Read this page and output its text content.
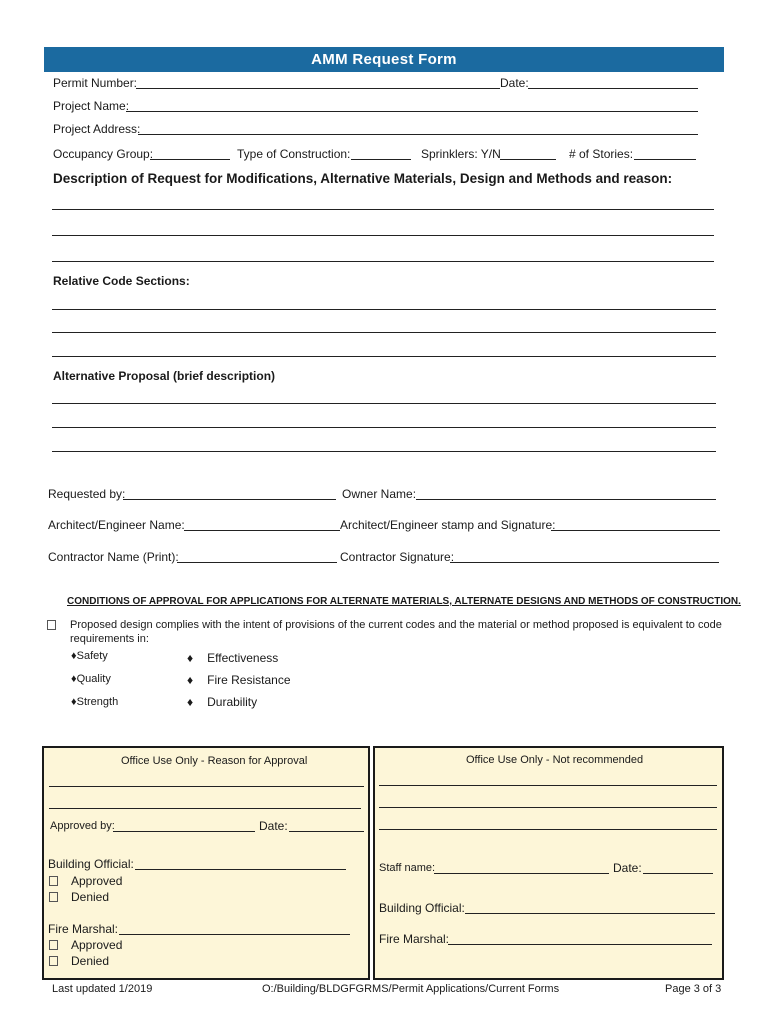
AMM Request Form
Permit Number:	Date:
Project Name:
Project Address:
Occupancy Group:	Type of Construction:	Sprinklers: Y/N	# of Stories:
Description of Request for Modifications, Alternative Materials, Design and Methods and reason:
Relative Code Sections:
Alternative Proposal (brief description)
Requested by:	Owner Name:
Architect/Engineer Name:	Architect/Engineer stamp and Signature:
Contractor Name (Print):	Contractor Signature:
CONDITIONS OF APPROVAL FOR APPLICATIONS FOR ALTERNATE MATERIALS, ALTERNATE DESIGNS AND METHODS OF CONSTRUCTION.
Proposed design complies with the intent of provisions of the current codes and the material or method proposed is equivalent to code
requirements in:
♦Safety
♦Quality
♦Strength
♦ Effectiveness
♦ Fire Resistance
♦ Durability
Office Use Only - Reason for Approval
Approved by:	Date:
Building Official:
Approved
Denied
Fire Marshal:
Approved
Denied
Office Use Only - Not recommended
Staff name:	Date:
Building Official:
Fire Marshal:
Last updated 1/2019	O:/Building/BLDGFGRMS/Permit Applications/Current Forms	Page 3 of 3
